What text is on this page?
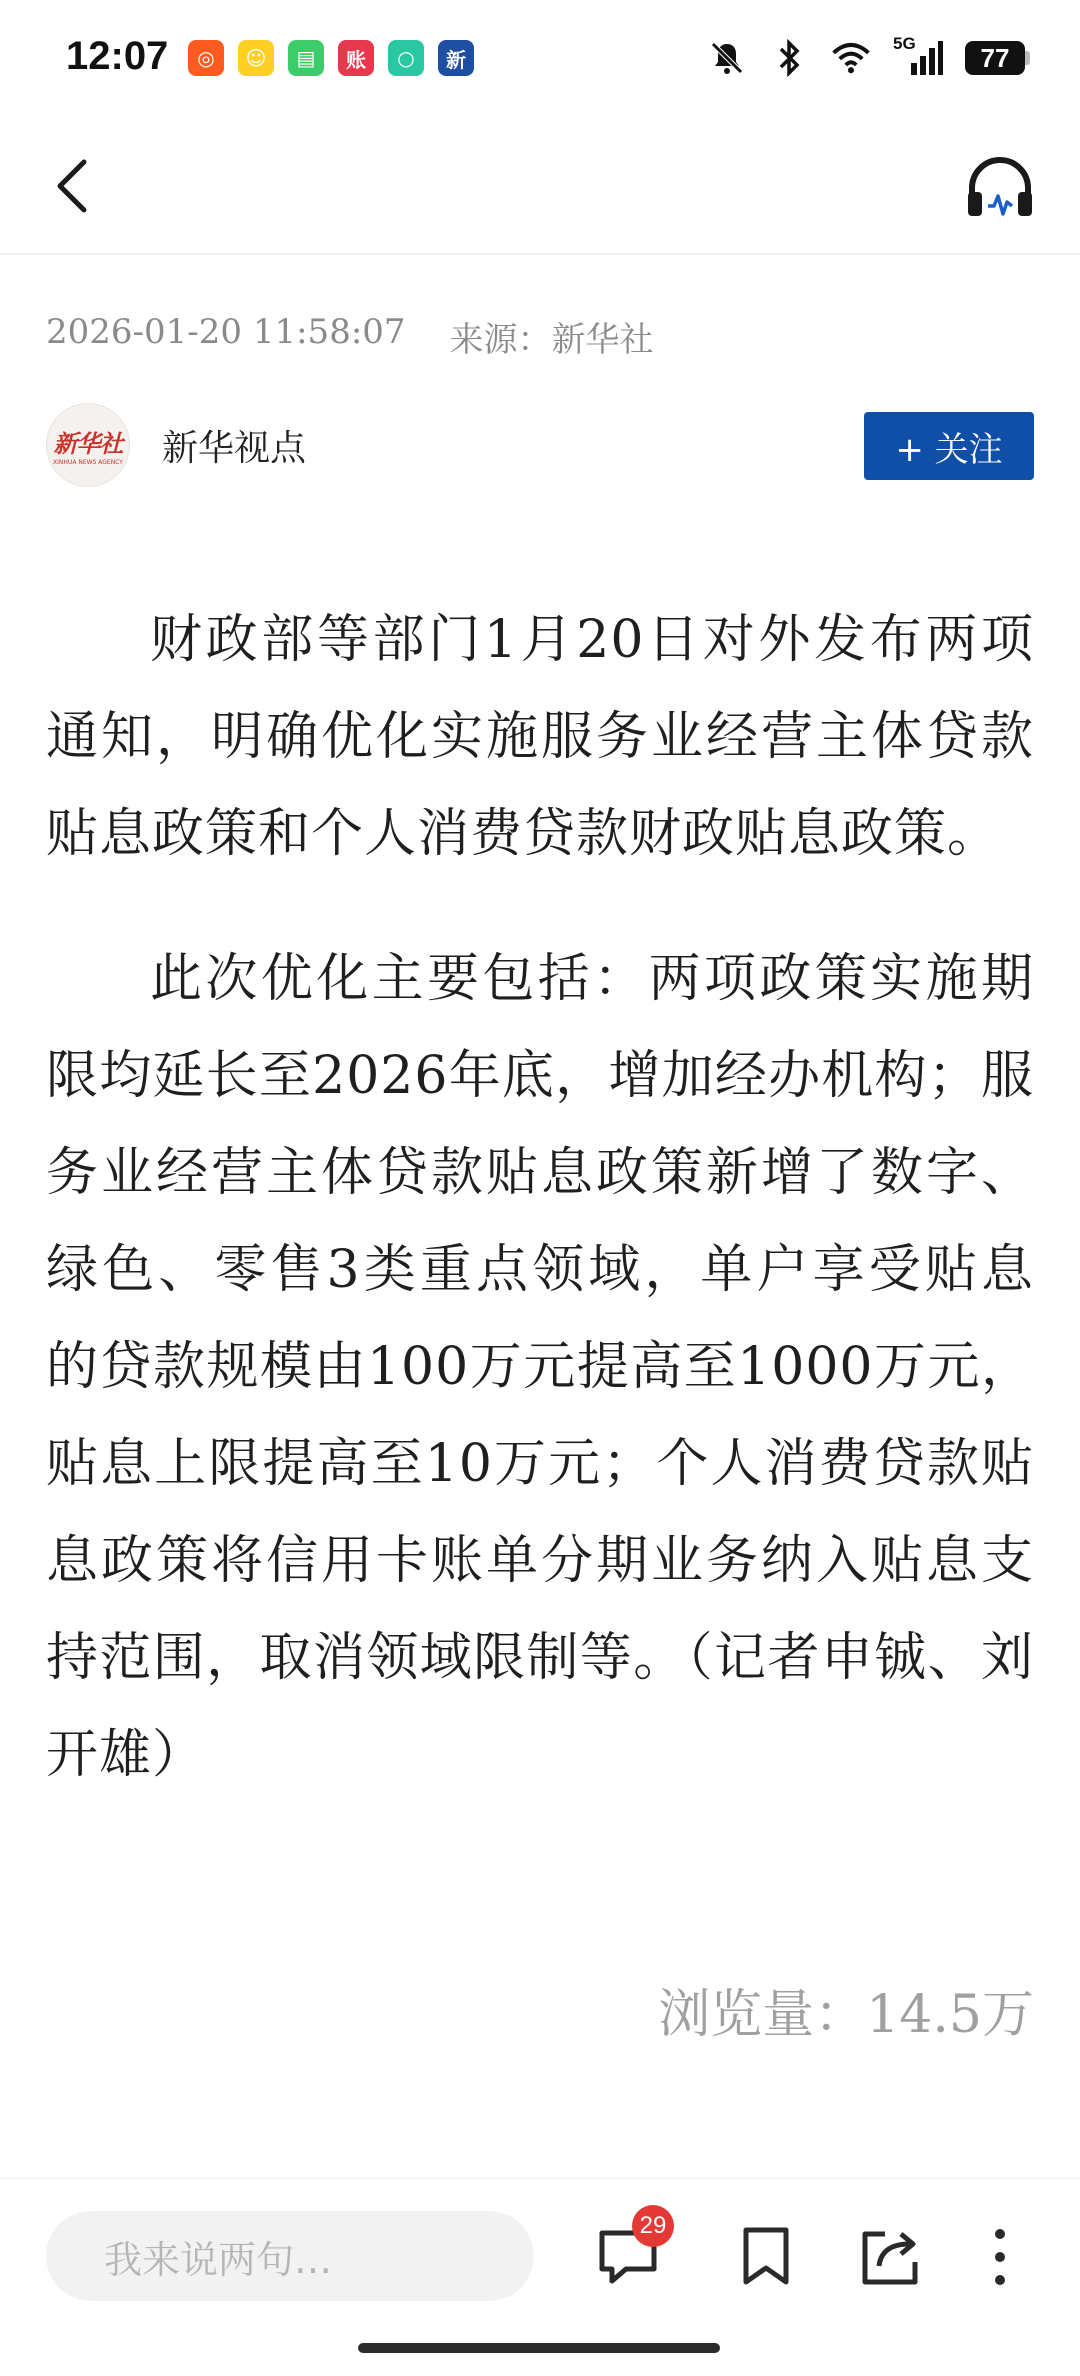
12:07	◎	☺	▤	账	○	新
5G	77
2026-01-20 11:58:07 来源：新华社
新华社
XINHUA NEWS AGENCY 新华视点	+ 关注

财政部等部门1月20日对外发布两项通知，明确优化实施服务业经营主体贷款贴息政策和个人消费贷款财政贴息政策。

此次优化主要包括：两项政策实施期限均延长至2026年底，增加经办机构；服务业经营主体贷款贴息政策新增了数字、绿色、零售3类重点领域，单户享受贴息的贷款规模由100万元提高至1000万元，贴息上限提高至10万元；个人消费贷款贴息政策将信用卡账单分期业务纳入贴息支持范围，取消领域限制等。（记者申铖、刘开雄）

浏览量：14.5万
我来说两句…
29
